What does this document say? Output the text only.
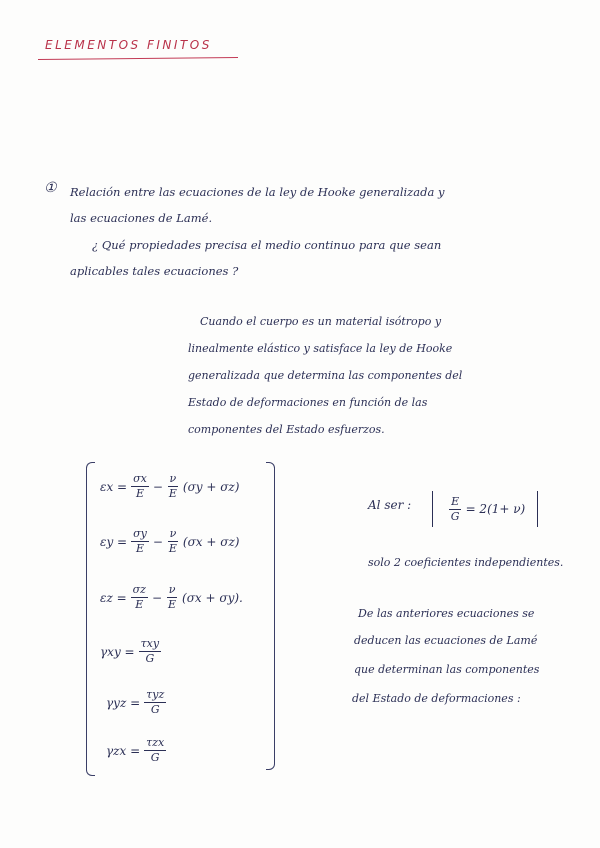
ELEMENTOS FINITOS
① Relación entre las ecuaciones de la ley de Hooke generalizada y
las ecuaciones de Lamé.
¿ Qué propiedades precisa el medio continuo para que sean
aplicables tales ecuaciones ?
Cuando el cuerpo es un material isótropo y
linealmente elástico y satisface la ley de Hooke
generalizada que determina las componentes del
Estado de deformaciones en función de las
componentes del Estado esfuerzos.
$\varepsilon x = \frac{\sigma x}{E} - \frac{\nu}{E} (\sigma y + \sigma z)$
$\varepsilon y = \frac{\sigma y}{E} - \frac{\nu}{E} (\sigma x + \sigma z)$
$\varepsilon z = \frac{\sigma z}{E} - \frac{\nu}{E} (\sigma x + \sigma y)$.
$\gamma xy = \frac{\text{τxy}}{G}$
$\gamma yz = \frac{\text{τyz}}{G}$
$\gamma zx = \frac{\text{τzx}}{G}$
Al ser :	$\frac{E}{G} = 2(1+ \nu)$
solo 2 coeficientes independientes.
De las anteriores ecuaciones se
deducen las ecuaciones de Lamé
que determinan las componentes
del Estado de deformaciones :
